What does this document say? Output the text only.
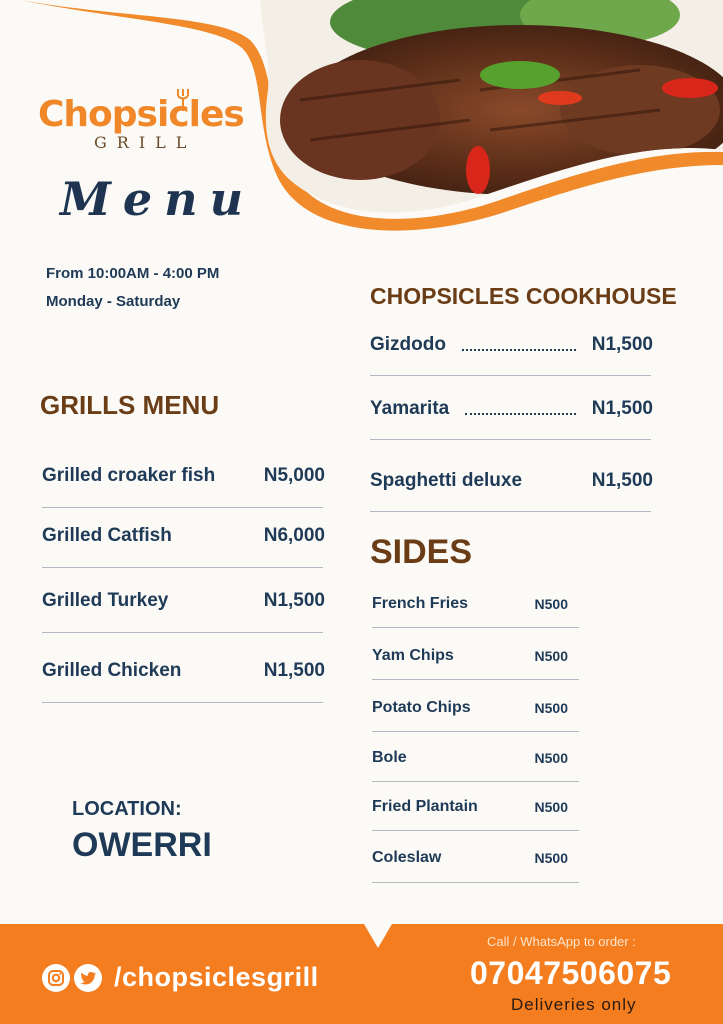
Chopsicles
GRILL
Menu
From 10:00AM - 4:00 PM
Monday - Saturday
GRILLS MENU
Grilled croaker fish	N5,000
Grilled Catfish	N6,000
Grilled Turkey	N1,500
Grilled Chicken	N1,500
CHOPSICLES COOKHOUSE
Gizdodo	N1,500
Yamarita	N1,500
Spaghetti deluxe	N1,500
SIDES
French Fries	N500
Yam Chips	N500
Potato Chips	N500
Bole	N500
Fried Plantain	N500
Coleslaw	N500
LOCATION:
OWERRI
/chopsiclesgrill
Call / WhatsApp to order :
07047506075
Deliveries only
